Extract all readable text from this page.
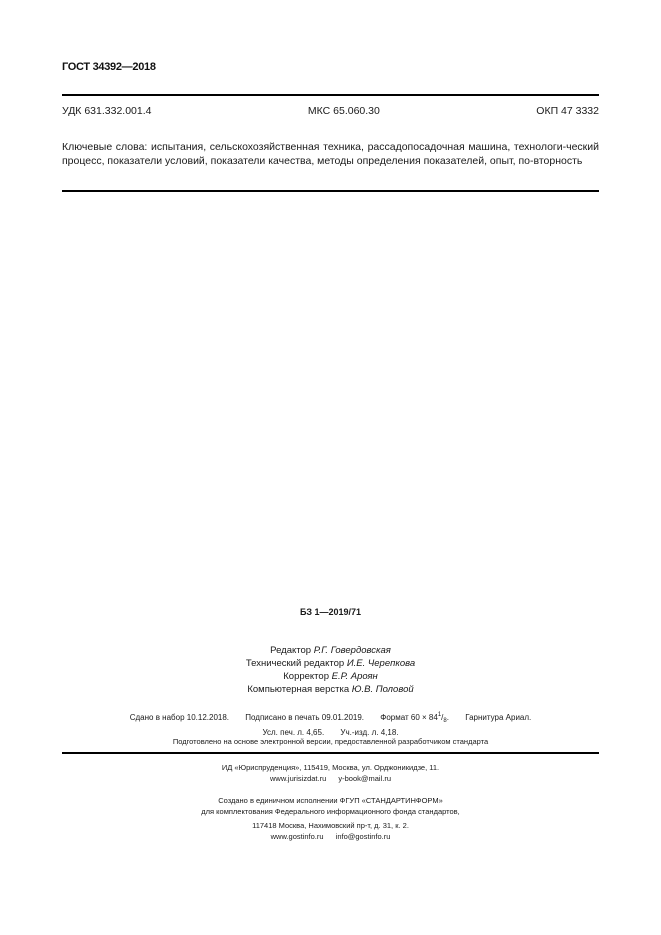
ГОСТ 34392—2018
УДК 631.332.001.4	МКС 65.060.30	ОКП 47 3332
Ключевые слова: испытания, сельскохозяйственная техника, рассадопосадочная машина, технологи-ческий процесс, показатели условий, показатели качества, методы определения показателей, опыт, по-вторность
БЗ 1—2019/71
Редактор Р.Г. Говердовская
Технический редактор И.Е. Черепкова
Корректор Е.Р. Ароян
Компьютерная верстка Ю.В. Половой
Сдано в набор 10.12.2018. Подписано в печать 09.01.2019. Формат $60 \times 84^1/_8$. Гарнитура Ариал.
Усл. печ. л. 4,65. Уч.-изд. л. 4,18.
Подготовлено на основе электронной версии, предоставленной разработчиком стандарта
ИД «Юриспруденция», 115419, Москва, ул. Орджоникидзе, 11.
www.jurisizdat.ru y-book@mail.ru
Создано в единичном исполнении ФГУП «СТАНДАРТИНФОРМ»
для комплектования Федерального информационного фонда стандартов,
117418 Москва, Нахимовский пр-т, д. 31, к. 2.
www.gostinfo.ru info@gostinfo.ru
